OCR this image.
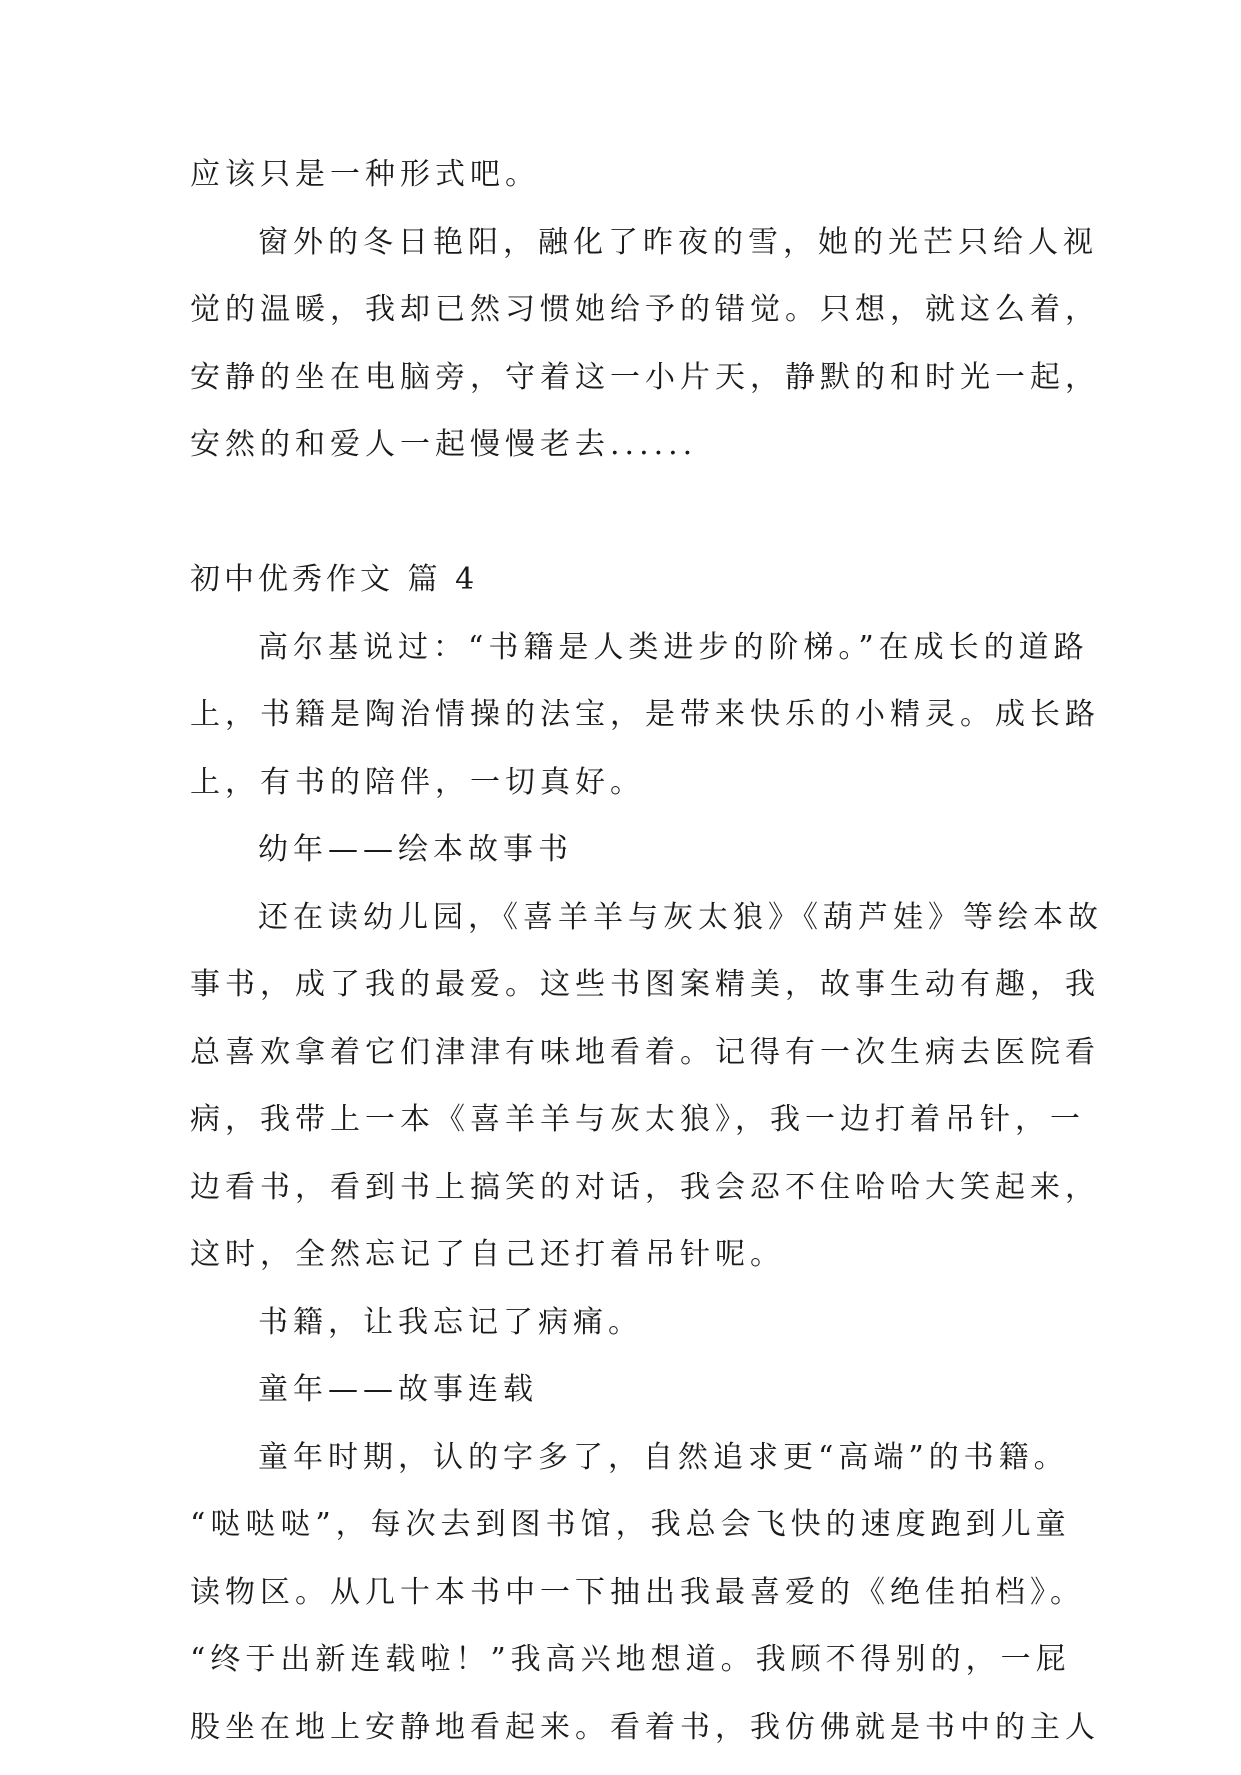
应该只是一种形式吧。
窗外的冬日艳阳，融化了昨夜的雪，她的光芒只给人视
觉的温暖，我却已然习惯她给予的错觉。只想，就这么着，
安静的坐在电脑旁，守着这一小片天，静默的和时光一起，
安然的和爱人一起慢慢老去......
初中优秀作文 篇 4
高尔基说过：“书籍是人类进步的阶梯。”在成长的道路
上，书籍是陶治情操的法宝，是带来快乐的小精灵。成长路
上，有书的陪伴，一切真好。
幼年——绘本故事书
还在读幼儿园，《喜羊羊与灰太狼》《葫芦娃》等绘本故
事书，成了我的最爱。这些书图案精美，故事生动有趣，我
总喜欢拿着它们津津有味地看着。记得有一次生病去医院看
病，我带上一本《喜羊羊与灰太狼》，我一边打着吊针，一
边看书，看到书上搞笑的对话，我会忍不住哈哈大笑起来，
这时，全然忘记了自己还打着吊针呢。
书籍，让我忘记了病痛。
童年——故事连载
童年时期，认的字多了，自然追求更“高端”的书籍。
“哒哒哒”，每次去到图书馆，我总会飞快的速度跑到儿童
读物区。从几十本书中一下抽出我最喜爱的《绝佳拍档》。
“终于出新连载啦！”我高兴地想道。我顾不得别的，一屁
股坐在地上安静地看起来。看着书，我仿佛就是书中的主人
